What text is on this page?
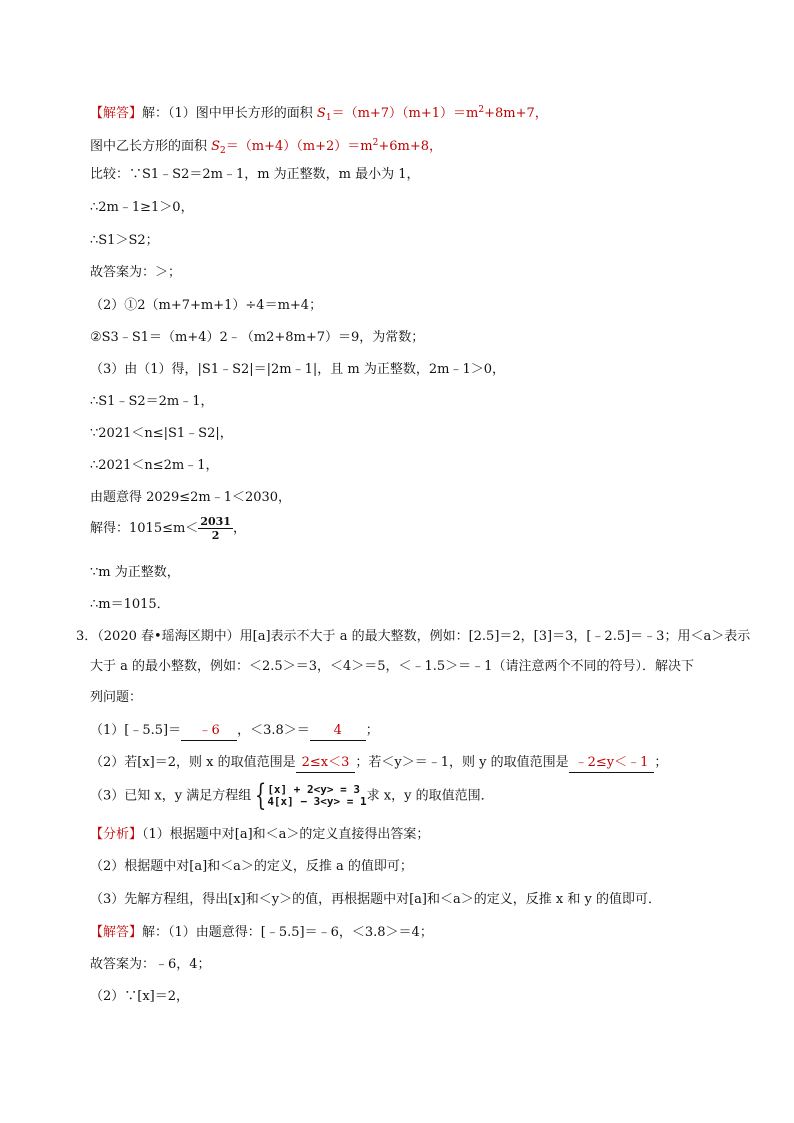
【解答】解：（1）图中甲长方形的面积 $S_1=(m+7)(m+1)=m^2+8m+7$，
图中乙长方形的面积 $S_2=(m+4)(m+2)=m^2+6m+8$，
比较：∵S1﹣S2＝2m﹣1，m 为正整数，m 最小为 1，
∴2m﹣1≥1＞0，
∴S1＞S2；
故答案为：＞；
（2）①2（m+7+m+1）÷4＝m+4；
②S3﹣S1＝（m+4）2﹣（m2+8m+7）＝9，为常数；
（3）由（1）得，|S1﹣S2|＝|2m﹣1|，且 m 为正整数，2m﹣1＞0，
∴S1﹣S2＝2m﹣1，
∵2021＜n≤|S1﹣S2|，
∴2021＜n≤2m﹣1，
由题意得 2029≤2m﹣1＜2030，
解得：$1015\le m< \frac{2031}{2}$ ，
∵m 为正整数，
∴m＝1015．
3．（2020 春•瑶海区期中）用[a]表示不大于 a 的最大整数，例如：[2.5]＝2，[3]＝3，[﹣2.5]＝﹣3；用＜a＞表示
大于 a 的最小整数，例如：＜2.5＞＝3，＜4＞＝5，＜﹣1.5＞＝﹣1（请注意两个不同的符号）．解决下
列问题：
（1）[﹣5.5]＝ ﹣6 ，＜3.8＞＝ 4 ；
（2）若[x]＝2，则 x 的取值范围是 2≤x＜3 ；若＜y＞＝﹣1，则 y 的取值范围是 ﹣2≤y＜﹣1 ；
（3）已知 x，y 满足方程组 { [x] + 2<y> = 3
4[x] − 3<y> = 1 求 x，y 的取值范围．
【分析】（1）根据题中对[a]和＜a＞的定义直接得出答案；
（2）根据题中对[a]和＜a＞的定义，反推 a 的值即可；
（3）先解方程组，得出[x]和＜y＞的值，再根据题中对[a]和＜a＞的定义，反推 x 和 y 的值即可．
【解答】解：（1）由题意得：[﹣5.5]＝﹣6，＜3.8＞＝4；
故答案为：﹣6，4；
（2）∵[x]＝2，
